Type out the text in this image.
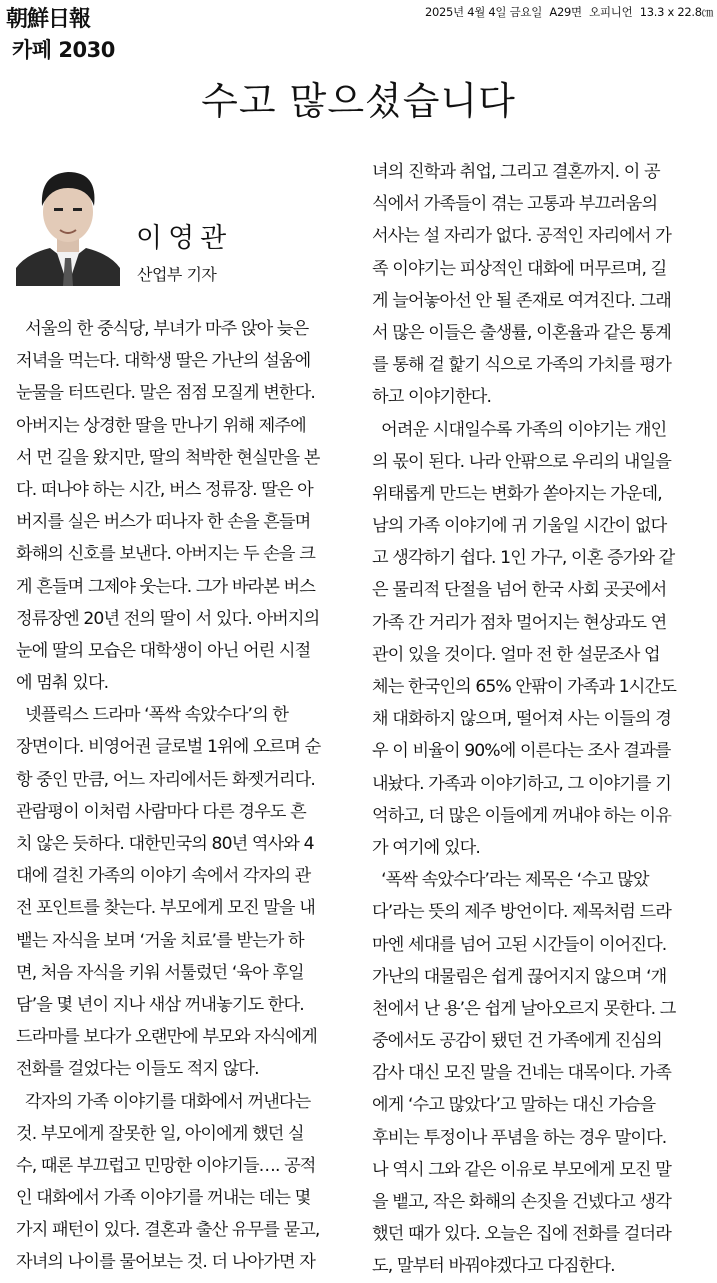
朝鮮日報	2025년 4월 4일 금요일 A29면 오피니언 13.3 x 22.8㎝
카페 2030
수고 많으셨습니다
이영관
산업부 기자
서울의 한 중식당, 부녀가 마주 앉아 늦은
저녁을 먹는다. 대학생 딸은 가난의 설움에
눈물을 터뜨린다. 말은 점점 모질게 변한다.
아버지는 상경한 딸을 만나기 위해 제주에
서 먼 길을 왔지만, 딸의 척박한 현실만을 본
다. 떠나야 하는 시간, 버스 정류장. 딸은 아
버지를 실은 버스가 떠나자 한 손을 흔들며
화해의 신호를 보낸다. 아버지는 두 손을 크
게 흔들며 그제야 웃는다. 그가 바라본 버스
정류장엔 20년 전의 딸이 서 있다. 아버지의
눈에 딸의 모습은 대학생이 아닌 어린 시절
에 멈춰 있다.
넷플릭스 드라마 ‘폭싹 속았수다’의 한
장면이다. 비영어권 글로벌 1위에 오르며 순
항 중인 만큼, 어느 자리에서든 화젯거리다.
관람평이 이처럼 사람마다 다른 경우도 흔
치 않은 듯하다. 대한민국의 80년 역사와 4
대에 걸친 가족의 이야기 속에서 각자의 관
전 포인트를 찾는다. 부모에게 모진 말을 내
뱉는 자식을 보며 ‘거울 치료’를 받는가 하
면, 처음 자식을 키워 서툴렀던 ‘육아 후일
담’을 몇 년이 지나 새삼 꺼내놓기도 한다.
드라마를 보다가 오랜만에 부모와 자식에게
전화를 걸었다는 이들도 적지 않다.
각자의 가족 이야기를 대화에서 꺼낸다는
것. 부모에게 잘못한 일, 아이에게 했던 실
수, 때론 부끄럽고 민망한 이야기들…. 공적
인 대화에서 가족 이야기를 꺼내는 데는 몇
가지 패턴이 있다. 결혼과 출산 유무를 묻고,
자녀의 나이를 물어보는 것. 더 나아가면 자
녀의 진학과 취업, 그리고 결혼까지. 이 공
식에서 가족들이 겪는 고통과 부끄러움의
서사는 설 자리가 없다. 공적인 자리에서 가
족 이야기는 피상적인 대화에 머무르며, 길
게 늘어놓아선 안 될 존재로 여겨진다. 그래
서 많은 이들은 출생률, 이혼율과 같은 통계
를 통해 겉 핥기 식으로 가족의 가치를 평가
하고 이야기한다.
어려운 시대일수록 가족의 이야기는 개인
의 몫이 된다. 나라 안팎으로 우리의 내일을
위태롭게 만드는 변화가 쏟아지는 가운데,
남의 가족 이야기에 귀 기울일 시간이 없다
고 생각하기 쉽다. 1인 가구, 이혼 증가와 같
은 물리적 단절을 넘어 한국 사회 곳곳에서
가족 간 거리가 점차 멀어지는 현상과도 연
관이 있을 것이다. 얼마 전 한 설문조사 업
체는 한국인의 65% 안팎이 가족과 1시간도
채 대화하지 않으며, 떨어져 사는 이들의 경
우 이 비율이 90%에 이른다는 조사 결과를
내놨다. 가족과 이야기하고, 그 이야기를 기
억하고, 더 많은 이들에게 꺼내야 하는 이유
가 여기에 있다.
‘폭싹 속았수다’라는 제목은 ‘수고 많았
다’라는 뜻의 제주 방언이다. 제목처럼 드라
마엔 세대를 넘어 고된 시간들이 이어진다.
가난의 대물림은 쉽게 끊어지지 않으며 ‘개
천에서 난 용’은 쉽게 날아오르지 못한다. 그
중에서도 공감이 됐던 건 가족에게 진심의
감사 대신 모진 말을 건네는 대목이다. 가족
에게 ‘수고 많았다’고 말하는 대신 가슴을
후비는 투정이나 푸념을 하는 경우 말이다.
나 역시 그와 같은 이유로 부모에게 모진 말
을 뱉고, 작은 화해의 손짓을 건넸다고 생각
했던 때가 있다. 오늘은 집에 전화를 걸더라
도, 말부터 바꿔야겠다고 다짐한다.
